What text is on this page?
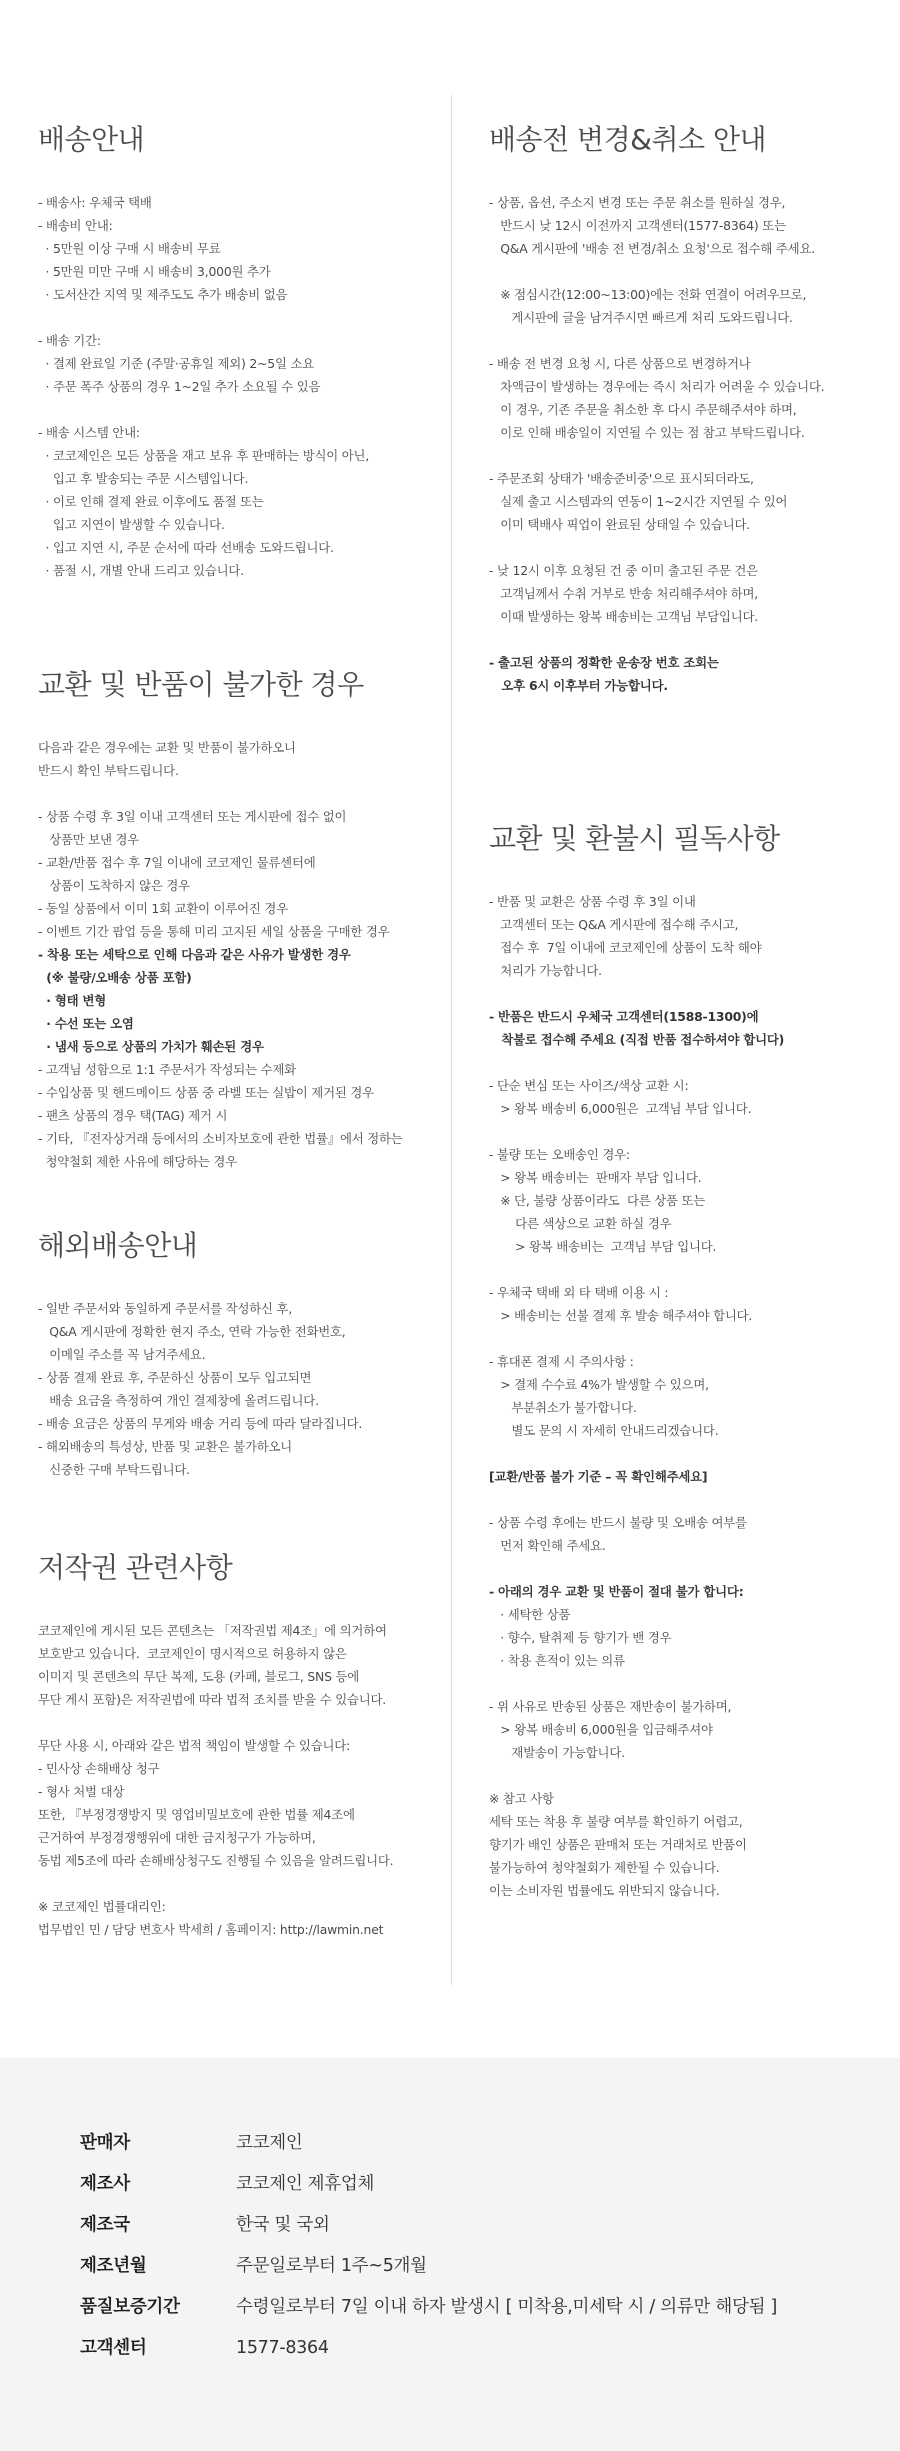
배송안내
- 배송사: 우체국 택배
- 배송비 안내:
· 5만원 이상 구매 시 배송비 무료
· 5만원 미만 구매 시 배송비 3,000원 추가
· 도서산간 지역 및 제주도도 추가 배송비 없음
- 배송 기간:
· 결제 완료일 기준 (주말·공휴일 제외) 2~5일 소요
· 주문 폭주 상품의 경우 1~2일 추가 소요될 수 있음
- 배송 시스템 안내:
· 코코제인은 모든 상품을 재고 보유 후 판매하는 방식이 아닌,
입고 후 발송되는 주문 시스템입니다.
· 이로 인해 결제 완료 이후에도 품절 또는
입고 지연이 발생할 수 있습니다.
· 입고 지연 시, 주문 순서에 따라 선배송 도와드립니다.
· 품절 시, 개별 안내 드리고 있습니다.
교환 및 반품이 불가한 경우
다음과 같은 경우에는 교환 및 반품이 불가하오니
반드시 확인 부탁드립니다.
- 상품 수령 후 3일 이내 고객센터 또는 게시판에 접수 없이
상품만 보낸 경우
- 교환/반품 접수 후 7일 이내에 코코제인 물류센터에
상품이 도착하지 않은 경우
- 동일 상품에서 이미 1회 교환이 이루어진 경우
- 이벤트 기간 팝업 등을 통해 미리 고지된 세일 상품을 구매한 경우
- 착용 또는 세탁으로 인해 다음과 같은 사유가 발생한 경우
(※ 불량/오배송 상품 포함)
· 형태 변형
· 수선 또는 오염
· 냄새 등으로 상품의 가치가 훼손된 경우
- 고객님 성함으로 1:1 주문서가 작성되는 수제화
- 수입상품 및 핸드메이드 상품 중 라벨 또는 실밥이 제거된 경우
- 팬츠 상품의 경우 택(TAG) 제거 시
- 기타, 『전자상거래 등에서의 소비자보호에 관한 법률』에서 정하는
청약철회 제한 사유에 해당하는 경우
해외배송안내
- 일반 주문서와 동일하게 주문서를 작성하신 후,
Q&A 게시판에 정확한 현지 주소, 연락 가능한 전화번호,
이메일 주소를 꼭 남겨주세요.
- 상품 결제 완료 후, 주문하신 상품이 모두 입고되면
배송 요금을 측정하여 개인 결제창에 올려드립니다.
- 배송 요금은 상품의 무게와 배송 거리 등에 따라 달라집니다.
- 해외배송의 특성상, 반품 및 교환은 불가하오니
신중한 구매 부탁드립니다.
저작권 관련사항
코코제인에 게시된 모든 콘텐츠는 「저작권법 제4조」에 의거하여
보호받고 있습니다.  코코제인이 명시적으로 허용하지 않은
이미지 및 콘텐츠의 무단 복제, 도용 (카페, 블로그, SNS 등에
무단 게시 포함)은 저작권법에 따라 법적 조치를 받을 수 있습니다.
무단 사용 시, 아래와 같은 법적 책임이 발생할 수 있습니다:
- 민사상 손해배상 청구
- 형사 처벌 대상
또한, 『부정경쟁방지 및 영업비밀보호에 관한 법률 제4조에
근거하여 부정경쟁행위에 대한 금지청구가 가능하며,
동법 제5조에 따라 손해배상청구도 진행될 수 있음을 알려드립니다.
※ 코코제인 법률대리인:
법무법인 민 / 담당 변호사 박세희 / 홈페이지: http://lawmin.net
배송전 변경&취소 안내
- 상품, 옵션, 주소지 변경 또는 주문 취소를 원하실 경우,
반드시 낮 12시 이전까지 고객센터(1577-8364) 또는
Q&A 게시판에 '배송 전 변경/취소 요청'으로 접수해 주세요.
※ 점심시간(12:00~13:00)에는 전화 연결이 어려우므로,
게시판에 글을 남겨주시면 빠르게 처리 도와드립니다.
- 배송 전 변경 요청 시, 다른 상품으로 변경하거나
차액금이 발생하는 경우에는 즉시 처리가 어려울 수 있습니다.
이 경우, 기존 주문을 취소한 후 다시 주문해주셔야 하며,
이로 인해 배송일이 지연될 수 있는 점 참고 부탁드립니다.
- 주문조회 상태가 '배송준비중'으로 표시되더라도,
실제 출고 시스템과의 연동이 1~2시간 지연될 수 있어
이미 택배사 픽업이 완료된 상태일 수 있습니다.
- 낮 12시 이후 요청된 건 중 이미 출고된 주문 건은
고객님께서 수취 거부로 반송 처리해주셔야 하며,
이때 발생하는 왕복 배송비는 고객님 부담입니다.
- 출고된 상품의 정확한 운송장 번호 조회는
오후 6시 이후부터 가능합니다.
교환 및 환불시 필독사항
- 반품 및 교환은 상품 수령 후 3일 이내
고객센터 또는 Q&A 게시판에 접수해 주시고,
접수 후  7일 이내에 코코제인에 상품이 도착 해야
처리가 가능합니다.
- 반품은 반드시 우체국 고객센터(1588-1300)에
착불로 접수해 주세요 (직접 반품 접수하셔야 합니다)
- 단순 변심 또는 사이즈/색상 교환 시:
> 왕복 배송비 6,000원은  고객님 부담 입니다.
- 불량 또는 오배송인 경우:
> 왕복 배송비는  판매자 부담 입니다.
※ 단, 불량 상품이라도  다른 상품 또는
다른 색상으로 교환 하실 경우
> 왕복 배송비는  고객님 부담 입니다.
- 우체국 택배 외 타 택배 이용 시 :
> 배송비는 선불 결제 후 발송 해주셔야 합니다.
- 휴대폰 결제 시 주의사항 :
> 결제 수수료 4%가 발생할 수 있으며,
부분취소가 불가합니다.
별도 문의 시 자세히 안내드리겠습니다.
[교환/반품 불가 기준 – 꼭 확인해주세요]
- 상품 수령 후에는 반드시 불량 및 오배송 여부를
먼저 확인해 주세요.
- 아래의 경우 교환 및 반품이 절대 불가 합니다:
· 세탁한 상품
· 향수, 탈취제 등 향기가 밴 경우
· 착용 흔적이 있는 의류
- 위 사유로 반송된 상품은 재반송이 불가하며,
> 왕복 배송비 6,000원을 입금해주셔야
재발송이 가능합니다.
※ 참고 사항
세탁 또는 착용 후 불량 여부를 확인하기 어렵고,
향기가 배인 상품은 판매처 또는 거래처로 반품이
불가능하여 청약철회가 제한될 수 있습니다.
이는 소비자원 법률에도 위반되지 않습니다.
판매자	코코제인
제조사	코코제인 제휴업체
제조국	한국 및 국외
제조년월	주문일로부터 1주~5개월
품질보증기간	수령일로부터 7일 이내 하자 발생시 [ 미착용,미세탁 시 / 의류만 해당됨 ]
고객센터	1577-8364
